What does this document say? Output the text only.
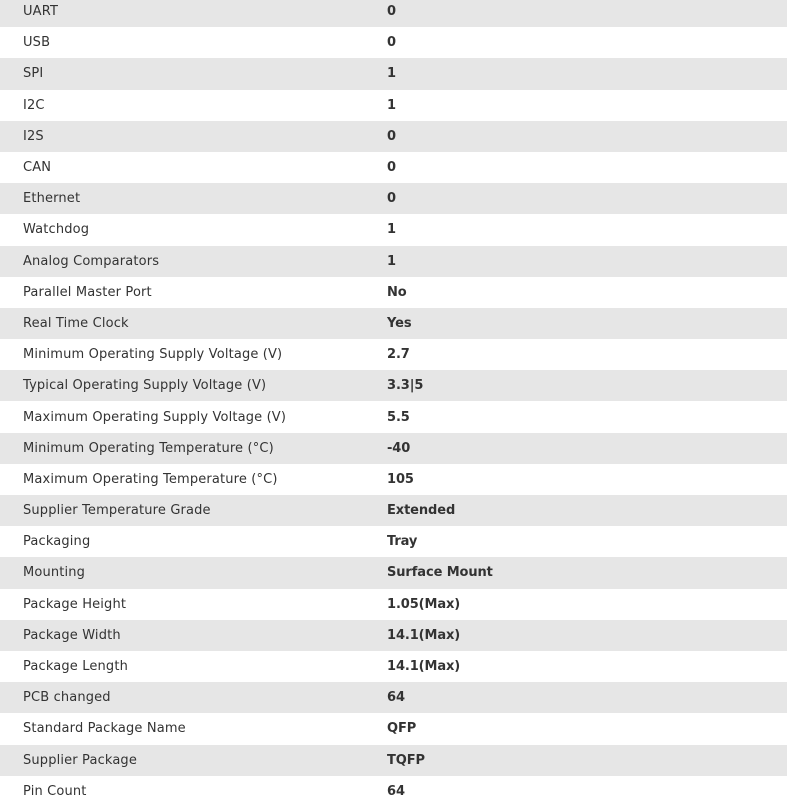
UART	0
USB	0
SPI	1
I2C	1
I2S	0
CAN	0
Ethernet	0
Watchdog	1
Analog Comparators	1
Parallel Master Port	No
Real Time Clock	Yes
Minimum Operating Supply Voltage (V)	2.7
Typical Operating Supply Voltage (V)	3.3|5
Maximum Operating Supply Voltage (V)	5.5
Minimum Operating Temperature (°C)	-40
Maximum Operating Temperature (°C)	105
Supplier Temperature Grade	Extended
Packaging	Tray
Mounting	Surface Mount
Package Height	1.05(Max)
Package Width	14.1(Max)
Package Length	14.1(Max)
PCB changed	64
Standard Package Name	QFP
Supplier Package	TQFP
Pin Count	64
